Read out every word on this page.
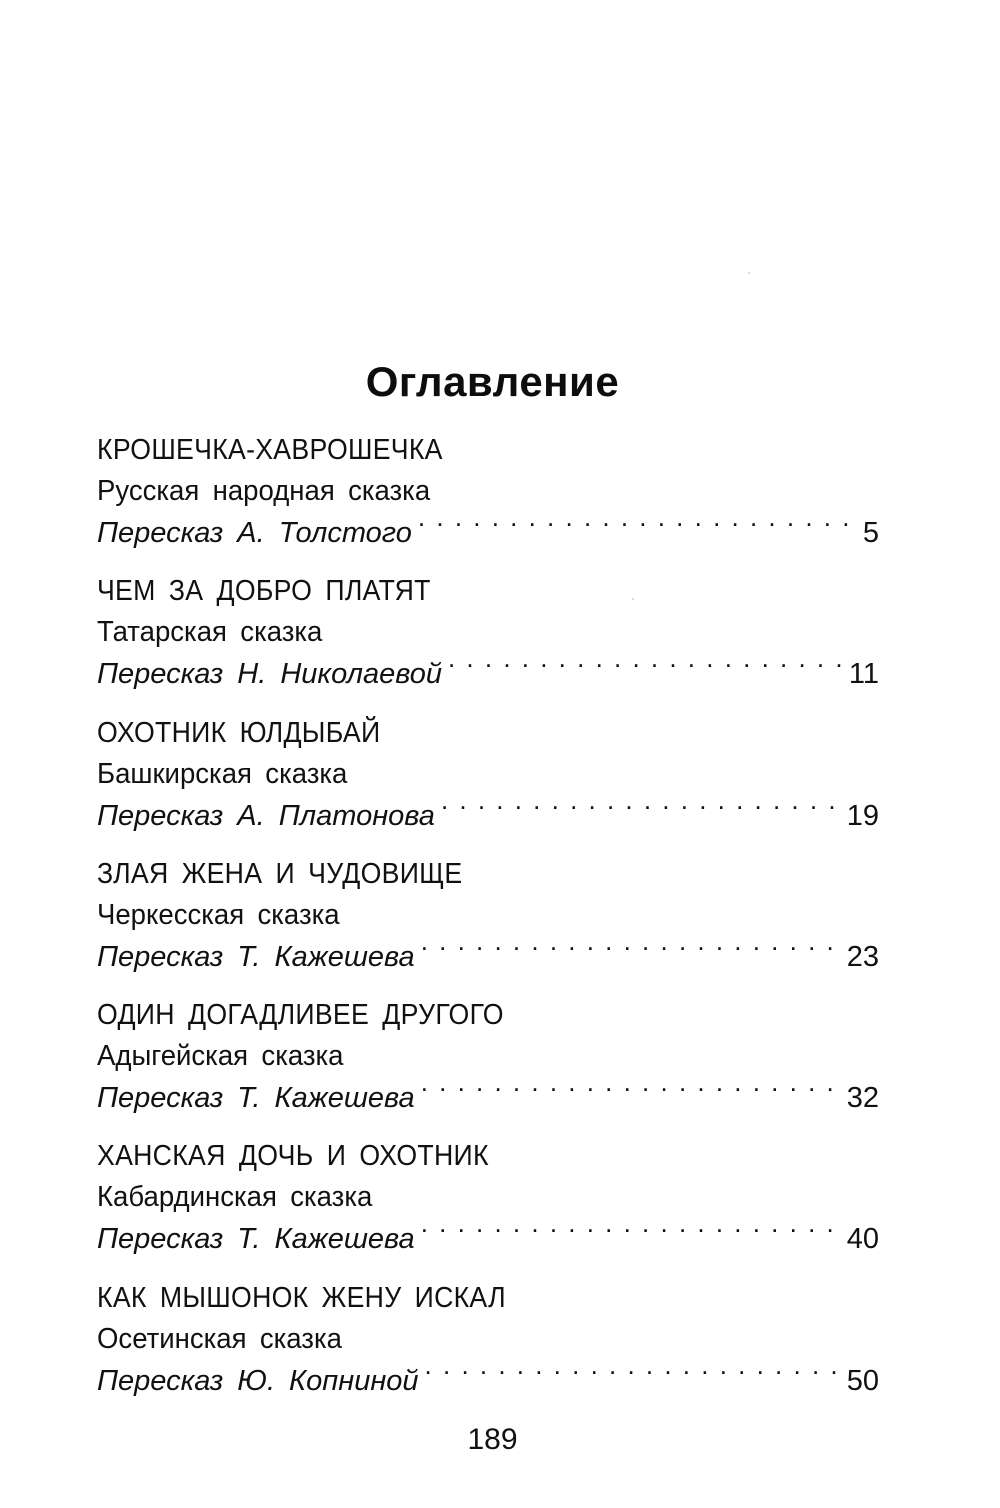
Оглавление
КРОШЕЧКА-ХАВРОШЕЧКА
Русская народная сказка
Пересказ А. Толстого . . .	5
ЧЕМ ЗА ДОБРО ПЛАТЯТ
Татарская сказка
Пересказ Н. Николаевой . . .	11
ОХОТНИК ЮЛДЫБАЙ
Башкирская сказка
Пересказ А. Платонова . . .	19
ЗЛАЯ ЖЕНА И ЧУДОВИЩЕ
Черкесская сказка
Пересказ Т. Кажешева . . .	23
ОДИН ДОГАДЛИВЕЕ ДРУГОГО
Адыгейская сказка
Пересказ Т. Кажешева . . .	32
ХАНСКАЯ ДОЧЬ И ОХОТНИК
Кабардинская сказка
Пересказ Т. Кажешева . . .	40
КАК МЫШОНОК ЖЕНУ ИСКАЛ
Осетинская сказка
Пересказ Ю. Копниной . . .	50
189
